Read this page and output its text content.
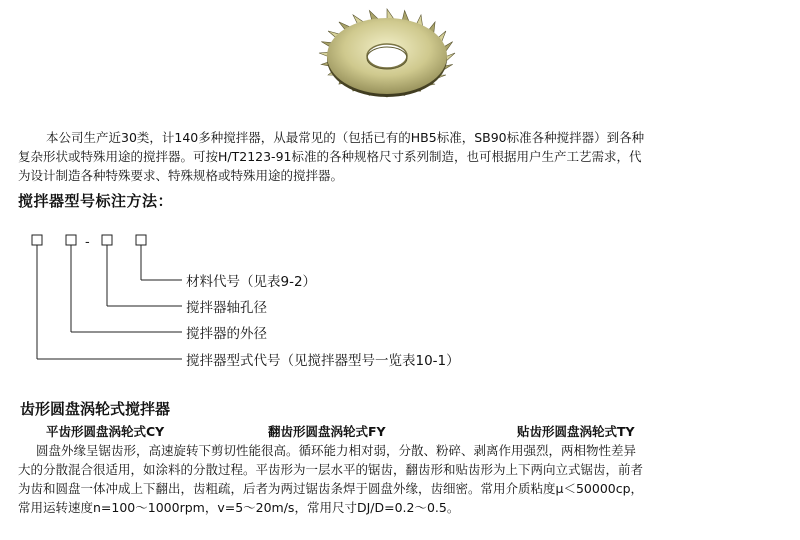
本公司生产近30类，计140多种搅拌器，从最常见的（包括已有的HB5标准，SB90标准各种搅拌器）到各种
复杂形状或特殊用途的搅拌器。可按H/T2123-91标准的各种规格尺寸系列制造，也可根据用户生产工艺需求，代
为设计制造各种特殊要求、特殊规格或特殊用途的搅拌器。

搅拌器型号标注方法：
-
材料代号（见表9-2）
搅拌器轴孔径
搅拌器的外径
搅拌器型式代号（见搅拌器型号一览表10-1）
齿形圆盘涡轮式搅拌器
平齿形圆盘涡轮式CY	翻齿形圆盘涡轮式FY	贴齿形圆盘涡轮式TY

圆盘外缘呈锯齿形，高速旋转下剪切性能很高。循环能力相对弱，分散、粉碎、剥离作用强烈，两相物性差异
大的分散混合很适用，如涂料的分散过程。平齿形为一层水平的锯齿，翻齿形和贴齿形为上下两向立式锯齿，前者
为齿和圆盘一体冲成上下翻出，齿粗疏，后者为两过锯齿条焊于圆盘外缘，齿细密。常用介质粘度μ＜50000cp，
常用运转速度n=100～1000rpm，v=5～20m/s，常用尺寸DJ/D=0.2～0.5。
